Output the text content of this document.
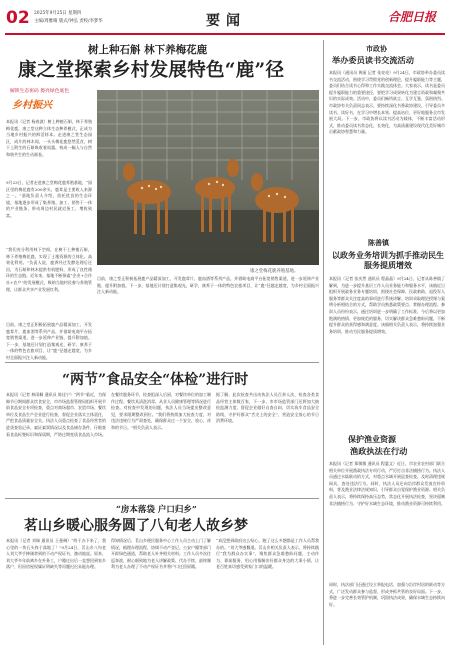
02 2025年9月25日 星期四
主编/周雅晴 版式/钟弘 责校/李梦华	要闻	合肥日报
树上种石斛 林下养梅花鹿
康之堂探索乡村发展特色“鹿”径
解锁生态密码 擦亮绿色底色
乡村振兴
本报讯（记者 杨春波）树上种植石斛，林下养殖梅花鹿，康之堂这种立体生态种养模式，正成为当地乡村振兴的鲜活样本。走进康之堂生态园区，成片的林木间，一头头梅花鹿悠然觅食，树干上附生的石斛吸收着雨露，构成一幅人与自然和谐共生的生动画卷。
9月23日，记者走进康之堂梅花鹿养殖基地，“园区里的梅花鹿有200余头，鹿茸是主要收入来源之一。”基地负责人介绍，依托优良的生态环境，基地逐步形成了集养殖、加工、销售于一体的产业链条，带动周边村民就近务工、增收致富。
“我们充分利用林下空间，在树干上种植石斛，林下养殖梅花鹿，实现了土地资源的立体化、高效化利用。”负责人说，鹿粪经过发酵处理后还田，为石斛和林木提供有机肥料，形成了良性循环的生态链。近年来，基地不断探索“企业+合作社+农户”的发展模式，吸纳当地村民参与养殖管理，让群众共享产业发展红利。
目前，康之堂正积极拓展鹿产品精深加工，开发鹿茸片、鹿血酒等系列产品，并借助电商平台拓宽销售渠道，进一步延伸产业链、提升附加值。下一步，基地还计划打造集观光、研学、康养于一体的特色农旅项目，让“鹿”径越走越宽，为乡村全面振兴注入新动能。
康之堂梅花鹿养殖基地。
目前，康之堂正积极拓展鹿产品精深加工，开发鹿茸片、鹿血酒等系列产品，并借助电商平台拓宽销售渠道，进一步延伸产业链、提升附加值。下一步，基地还计划打造集观光、研学、康养于一体的特色农旅项目，让“鹿”径越走越宽，为乡村全面振兴注入新动能。
市政协
举办委员读书交流活动
本报讯（通讯员 黄丽 记者 张亮亮）9月24日，市政协举办委员读书交流活动，围绕学习贯彻党的创新理论、提升履职能力等主题，委员们结合读书心得和工作实践交流体会。大家表示，读书是委员提升履职能力的重要途径，要把学习成果转化为建言资政和凝聚共识的实际成效。活动中，委员们畅所欲言、互学互鉴，氛围热烈。市政协有关负责同志表示，要持续深化书香政协建设，引导委员多读书、读好书，在学习中增长本领、提高站位，更好地服务全市发展大局。下一步，市政协将以读书活动为载体，不断丰富活动形式，推动委员读书常态化、长效化，为高质量建设现代化美好城市贡献政协智慧和力量。
陈善镇
以政务业务培训为抓手推动民生服务提质增效
本报讯（记者 张庆然 通讯员 程晶晶）9月24日，记者从陈善镇了解到，为进一步提升基层工作人员业务能力和服务水平，该镇近日组织开展政务业务专题培训，围绕社会保障、民政救助、退役军人服务等群众关注度高的事项进行系统讲解。培训采取理论授课与案例分析相结合的方式，帮助学员熟悉政策要点、掌握办理流程。参训人员纷纷表示，通过培训进一步明确了工作标准，今后将以更加饱满的热情、更加规范的服务，切实解决群众急难愁盼问题，不断提升群众的获得感和满意度。该镇相关负责人表示，将持续加强业务培训，推动为民服务提质增效。
保护渔业资源
渔政执法在行动
本报讯（记者 郑敏敏 通讯员 程惠文）近日，市农业农村部门联合相关单位开展渔政执法专项行动，严厉打击非法捕捞行为。执法人员通过水陆联动的方式，对重点水域开展巡查检查，及时清理违规网具，查处违法行为。同时，执法人员还向沿岸群众发放宣传资料，普及渔业法律法规知识，引导群众自觉保护渔业资源。相关负责人表示，将持续保持高压态势，常态化开展执法检查，坚决遏制非法捕捞行为，守护好水域生态环境，推动渔业资源可持续利用。
同时，执法部门还通过设立举报电话、加强与沿岸村居的联动等方式，广泛发动群众参与监督，形成齐抓共管的良好局面。下一步，将进一步完善长效管护机制，巩固执法成果，确保水域生态持续向好。
“两节”食品安全“体检”进行时
本报讯（记者 林雨桐 通讯员 陈佳宁）“两节”临近，为保障节日期间群众饮食安全，市市场监督管理局组织开展节前食品安全专项检查，重点对商场超市、农贸市场、餐饮单位及食品生产企业进行检查，督促企业落实主体责任，严把食品质量安全关。执法人员重点检查了食品经营者的进货查验记录、索证索票情况以及食品储存条件，仔细查看食品标签标识和保质期，严防过期变质食品流入市场。
在餐饮服务环节，检查组深入后厨，对餐饮单位的加工制作过程、餐饮具清洗消毒、从业人员健康管理等情况进行检查。对检查中发现的问题，执法人员当场提出整改意见，要求限期整改到位。“我们将持续加大检查力度，对违法违规行为严肃查处，确保群众过一个安全、放心、祥和的节日。”相关负责人表示。
据了解，此次检查共出动执法人员百余人次，检查各类食品经营主体数百家，下一步，市市场监管部门还将加大抽检监测力度，督促企业做好自查自纠，切实筑牢食品安全防线，守护好群众“舌尖上的安全”，营造安全放心的节日消费环境。
“房本落袋 户口归乡”
茗山乡暖心服务圆了八旬老人故乡梦
本报讯（记者 刘瑞 通讯员 王曼琳）“终于办下来了，我心里的一块石头终于落地了！”9月24日，茗山乡八旬老人刘大爷手捧刚拿到的不动产权证书，激动地说。原来，刘大爷多年前离乡在外务工，户籍迁出后一直想回到家乡落户，但因房屋权属证明缺失等问题迟迟未能办理。
得知情况后，茗山乡便民服务中心工作人员主动上门了解情况，梳理办理流程，协调不动产登记、公安户籍等部门开辟绿色通道，帮助老人补齐相关材料。工作人员多次往返奔波，耐心细致地为老人讲解政策、代办手续，最终顺利为老人办理了不动产权证书并将户口迁回原籍。
“真没想到政府这么贴心，跑了这么多趟都是工作人员帮我办的。”刘大爷感慨道。茗山乡相关负责人表示，将持续践行“我为群众办实事”，聚焦群众急难愁盼问题，主动作为、靠前服务，用心用情解决好群众身边的大事小情，让老百姓真切感受到家门口的温暖。
